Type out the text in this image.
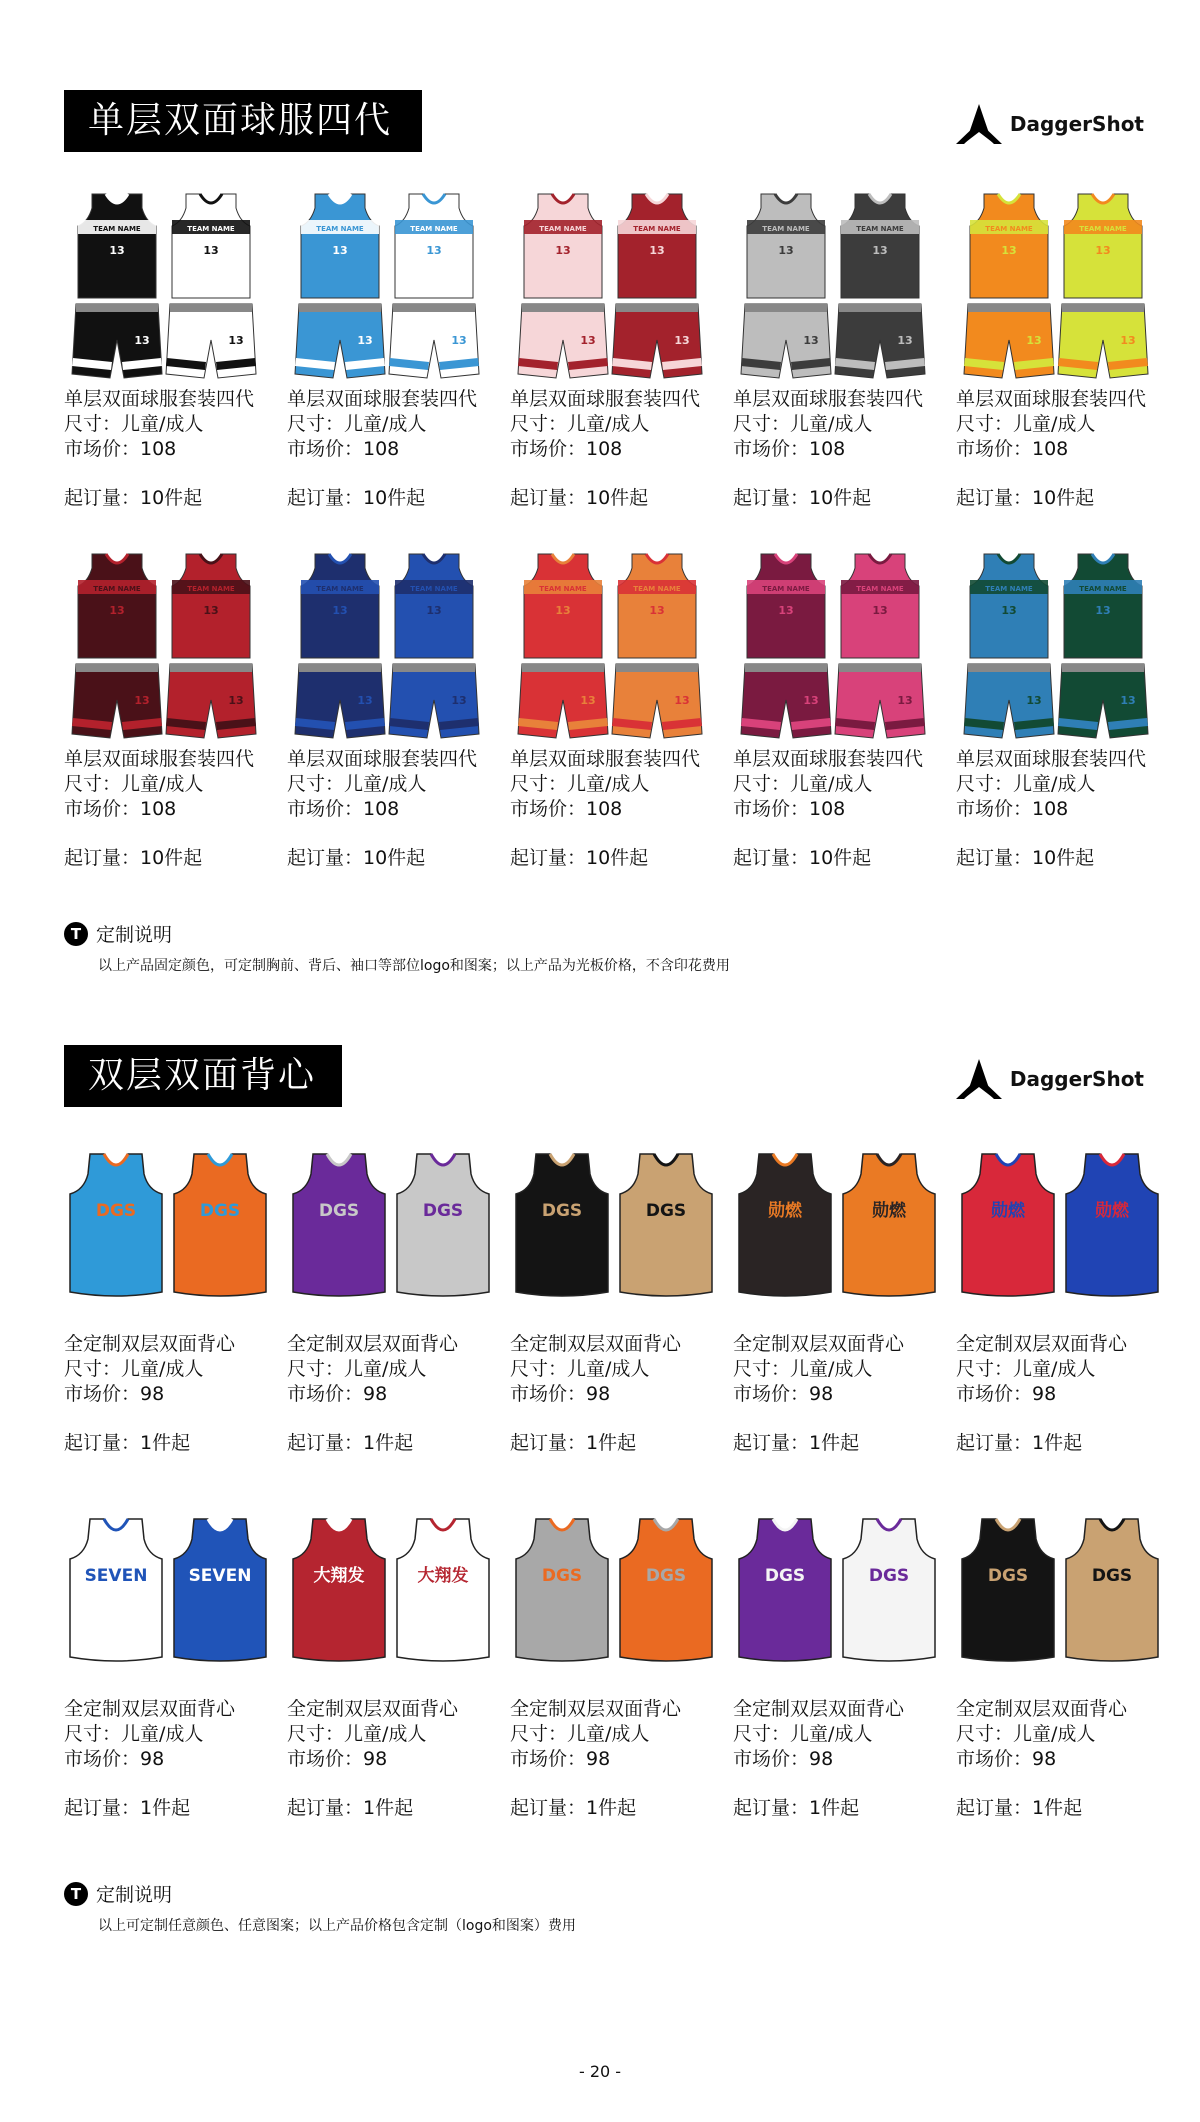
单层双面球服四代	DaggerShot
TEAM NAME
13
TEAM NAME
13
13	13
单层双面球服套装四代
尺寸：儿童/成人
市场价：108
起订量：10件起
TEAM NAME
13
TEAM NAME
13
13	13
单层双面球服套装四代
尺寸：儿童/成人
市场价：108
起订量：10件起
TEAM NAME
13
TEAM NAME
13
13	13
单层双面球服套装四代
尺寸：儿童/成人
市场价：108
起订量：10件起
TEAM NAME
13
TEAM NAME
13
13	13
单层双面球服套装四代
尺寸：儿童/成人
市场价：108
起订量：10件起
TEAM NAME
13
TEAM NAME
13
13	13
单层双面球服套装四代
尺寸：儿童/成人
市场价：108
起订量：10件起
TEAM NAME
13
TEAM NAME
13
13	13
单层双面球服套装四代
尺寸：儿童/成人
市场价：108
起订量：10件起
TEAM NAME
13
TEAM NAME
13
13	13
单层双面球服套装四代
尺寸：儿童/成人
市场价：108
起订量：10件起
TEAM NAME
13
TEAM NAME
13
13	13
单层双面球服套装四代
尺寸：儿童/成人
市场价：108
起订量：10件起
TEAM NAME
13
TEAM NAME
13
13	13
单层双面球服套装四代
尺寸：儿童/成人
市场价：108
起订量：10件起
TEAM NAME
13
TEAM NAME
13
13	13
单层双面球服套装四代
尺寸：儿童/成人
市场价：108
起订量：10件起
T 定制说明
以上产品固定颜色，可定制胸前、背后、袖口等部位logo和图案；以上产品为光板价格，不含印花费用
双层双面背心	DaggerShot
DGS	DGS
全定制双层双面背心
尺寸：儿童/成人
市场价：98
起订量：1件起
DGS	DGS
全定制双层双面背心
尺寸：儿童/成人
市场价：98
起订量：1件起
DGS	DGS
全定制双层双面背心
尺寸：儿童/成人
市场价：98
起订量：1件起
勋燃	勋燃
全定制双层双面背心
尺寸：儿童/成人
市场价：98
起订量：1件起
勋燃	勋燃
全定制双层双面背心
尺寸：儿童/成人
市场价：98
起订量：1件起
SEVEN SEVEN
全定制双层双面背心
尺寸：儿童/成人
市场价：98
起订量：1件起
大翔发	大翔发
全定制双层双面背心
尺寸：儿童/成人
市场价：98
起订量：1件起
DGS	DGS
全定制双层双面背心
尺寸：儿童/成人
市场价：98
起订量：1件起
DGS	DGS
全定制双层双面背心
尺寸：儿童/成人
市场价：98
起订量：1件起
DGS	DGS
全定制双层双面背心
尺寸：儿童/成人
市场价：98
起订量：1件起
T 定制说明
以上可定制任意颜色、任意图案；以上产品价格包含定制（logo和图案）费用
- 20 -
